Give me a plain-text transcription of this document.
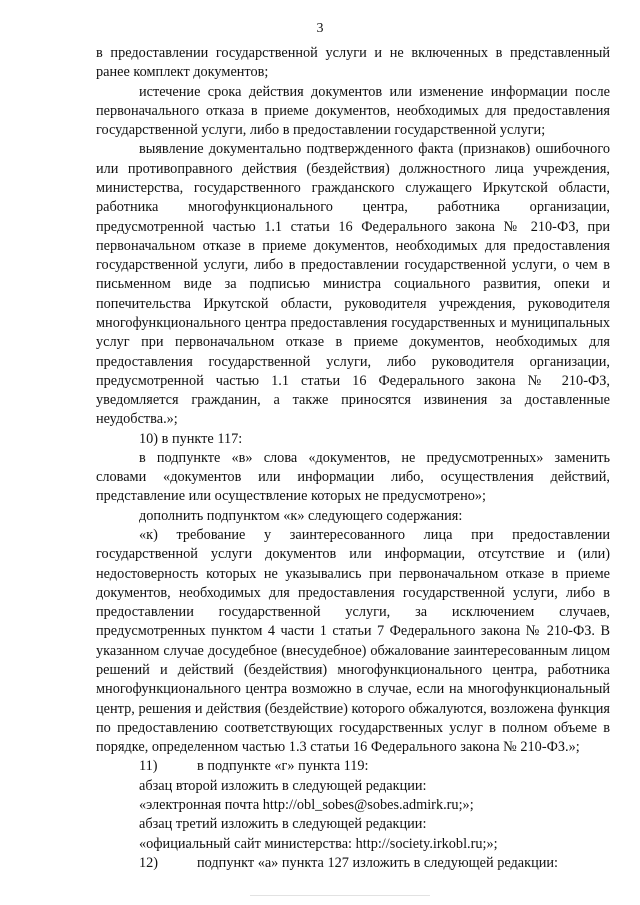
3

в предоставлении государственной услуги и не включенных в представленный ранее комплект документов;

истечение срока действия документов или изменение информации после первоначального отказа в приеме документов, необходимых для предоставления государственной услуги, либо в предоставлении государственной услуги;

выявление документально подтвержденного факта (признаков) ошибочного или противоправного действия (бездействия) должностного лица учреждения, министерства, государственного гражданского служащего Иркутской области, работника многофункционального центра, работника организации, предусмотренной частью 1.1 статьи 16 Федерального закона № 210-ФЗ, при первоначальном отказе в приеме документов, необходимых для предоставления государственной услуги, либо в предоставлении государственной услуги, о чем в письменном виде за подписью министра социального развития, опеки и попечительства Иркутской области, руководителя учреждения, руководителя многофункционального центра предоставления государственных и муниципальных услуг при первоначальном отказе в приеме документов, необходимых для предоставления государственной услуги, либо руководителя организации, предусмотренной частью 1.1 статьи 16 Федерального закона № 210-ФЗ, уведомляется гражданин, а также приносятся извинения за доставленные неудобства.»;

10) в пункте 117:

в подпункте «в» слова «документов, не предусмотренных» заменить словами «документов или информации либо, осуществления действий, представление или осуществление которых не предусмотрено»;

дополнить подпунктом «к» следующего содержания:

«к) требование у заинтересованного лица при предоставлении государственной услуги документов или информации, отсутствие и (или) недостоверность которых не указывались при первоначальном отказе в приеме документов, необходимых для предоставления государственной услуги, либо в предоставлении государственной услуги, за исключением случаев, предусмотренных пунктом 4 части 1 статьи 7 Федерального закона № 210-ФЗ. В указанном случае досудебное (внесудебное) обжалование заинтересованным лицом решений и действий (бездействия) многофункционального центра, работника многофункционального центра возможно в случае, если на многофункциональный центр, решения и действия (бездействие) которого обжалуются, возложена функция по предоставлению соответствующих государственных услуг в полном объеме в порядке, определенном частью 1.3 статьи 16 Федерального закона № 210-ФЗ.»;

11)	в подпункте «г» пункта 119:

абзац второй изложить в следующей редакции:

«электронная почта http://obl_sobes@sobes.admirk.ru;»;

абзац третий изложить в следующей редакции:

«официальный сайт министерства: http://society.irkobl.ru;»;

12)	подпункт «а» пункта 127 изложить в следующей редакции:
